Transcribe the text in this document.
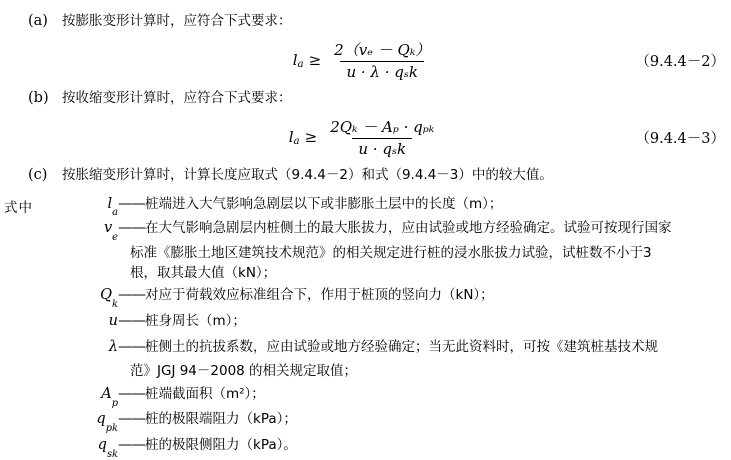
(a) 按膨胀变形计算时，应符合下式要求：
l $a \ge \frac{\text{2（vₑ － Qₖ）}}{\text{u · λ · qₛk}}$	（9.4.4－2）
(b) 按收缩变形计算时，应符合下式要求：
l $a \ge \frac{\text{2Qₖ － Aₚ · qₚₖ}}{\text{u · qₛk}}$	（9.4.4－3）
(c) 按胀缩变形计算时，计算长度应取式（9.4.4－2）和式（9.4.4－3）中的较大值。
式中	$l_a$
—— 桩端进入大气影响急剧层以下或非膨胀土层中的长度（m）；
$v_e$
—— 在大气影响急剧层内桩侧土的最大胀拔力，应由试验或地方经验确定。试验可按现行国家
标准《膨胀土地区建筑技术规范》的相关规定进行桩的浸水胀拔力试验，试桩数不小于3
根，取其最大值（kN）；
$Q_k$
—— 对应于荷载效应标准组合下，作用于桩顶的竖向力（kN）；
u —— 桩身周长（m）；
λ —— 桩侧土的抗拔系数，应由试验或地方经验确定；当无此资料时，可按《建筑桩基技术规
范》JGJ 94－2008 的相关规定取值；
$A_p$
—— 桩端截面积（m²）；
$q_{pk}$
—— 桩的极限端阻力（kPa）；
$q_{sk}$
—— 桩的极限侧阻力（kPa）。
